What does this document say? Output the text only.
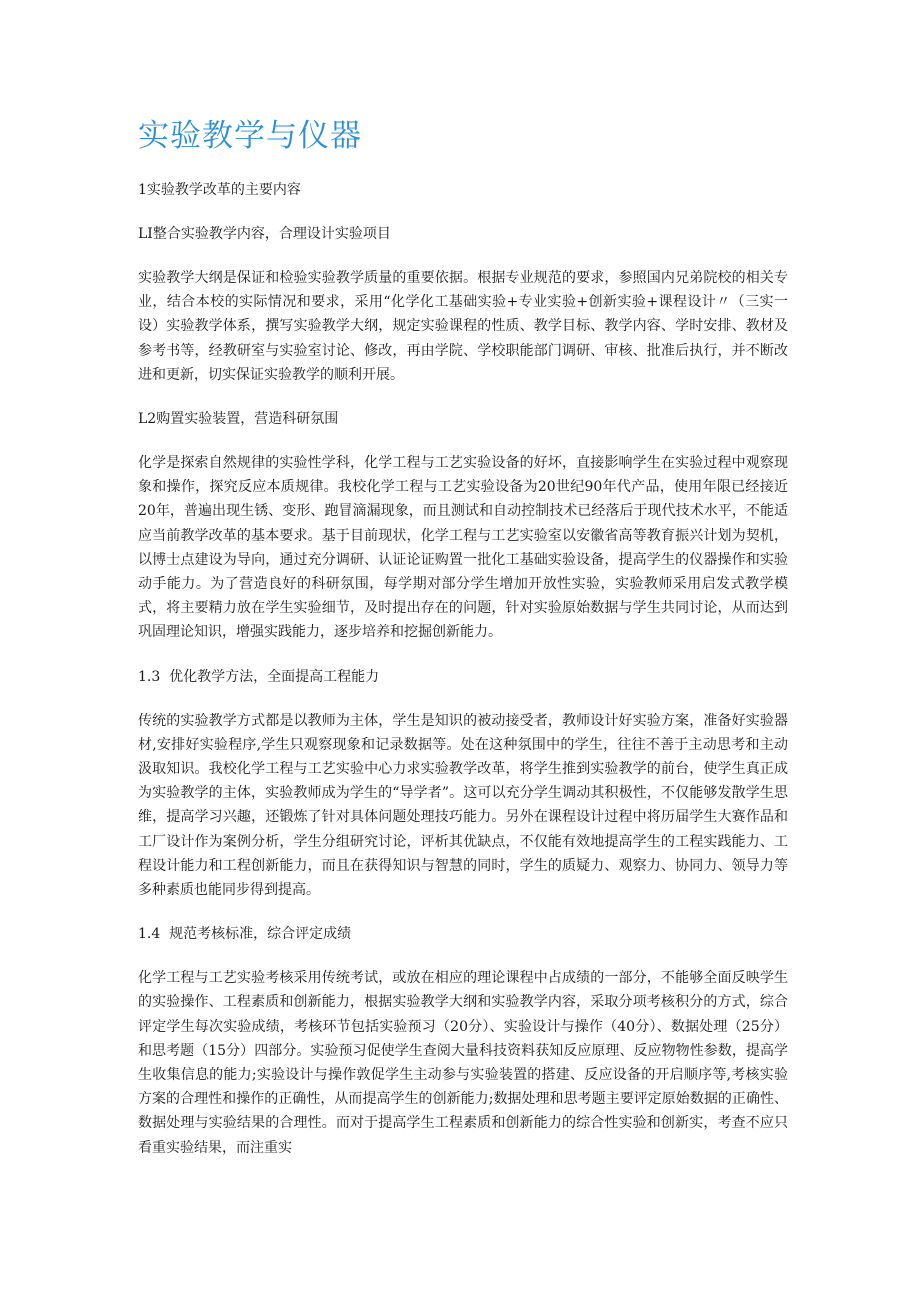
实验教学与仪器

1实验教学改革的主要内容

LI整合实验教学内容，合理设计实验项目

实验教学大纲是保证和检验实验教学质量的重要依据。根据专业规范的要求，参照国内兄弟院校的相关专业，结合本校的实际情况和要求，采用“化学化工基础实验+专业实验+创新实验+课程设计〃（三实一设）实验教学体系，撰写实验教学大纲，规定实验课程的性质、教学目标、教学内容、学时安排、教材及参考书等，经教研室与实验室讨论、修改，再由学院、学校职能部门调研、审核、批准后执行，并不断改进和更新，切实保证实验教学的顺利开展。

L2购置实验装置，营造科研氛围

化学是探索自然规律的实验性学科，化学工程与工艺实验设备的好坏，直接影响学生在实验过程中观察现象和操作，探究反应本质规律。我校化学工程与工艺实验设备为20世纪90年代产品，使用年限已经接近20年，普遍出现生锈、变形、跑冒滴漏现象，而且测试和自动控制技术已经落后于现代技术水平，不能适应当前教学改革的基本要求。基于目前现状，化学工程与工艺实验室以安徽省高等教育振兴计划为契机，以博士点建设为导向，通过充分调研、认证论证购置一批化工基础实验设备，提高学生的仪器操作和实验动手能力。为了营造良好的科研氛围，每学期对部分学生增加开放性实验，实验教师采用启发式教学模式，将主要精力放在学生实验细节，及时提出存在的问题，针对实验原始数据与学生共同讨论，从而达到巩固理论知识，增强实践能力，逐步培养和挖掘创新能力。

1.3  优化教学方法，全面提高工程能力

传统的实验教学方式都是以教师为主体，学生是知识的被动接受者，教师设计好实验方案，准备好实验器材,安排好实验程序,学生只观察现象和记录数据等。处在这种氛围中的学生，往往不善于主动思考和主动汲取知识。我校化学工程与工艺实验中心力求实验教学改革，将学生推到实验教学的前台，使学生真正成为实验教学的主体，实验教师成为学生的“导学者”。这可以充分学生调动其积极性，不仅能够发散学生思维，提高学习兴趣，还锻炼了针对具体问题处理技巧能力。另外在课程设计过程中将历届学生大赛作品和工厂设计作为案例分析，学生分组研究讨论，评析其优缺点，不仅能有效地提高学生的工程实践能力、工程设计能力和工程创新能力，而且在获得知识与智慧的同时，学生的质疑力、观察力、协同力、领导力等多种素质也能同步得到提高。

1.4  规范考核标准，综合评定成绩

化学工程与工艺实验考核采用传统考试，或放在相应的理论课程中占成绩的一部分，不能够全面反映学生的实验操作、工程素质和创新能力，根据实验教学大纲和实验教学内容，采取分项考核积分的方式，综合评定学生每次实验成绩，考核环节包括实验预习（20分）、实验设计与操作（40分）、数据处理（25分）和思考题（15分）四部分。实验预习促使学生查阅大量科技资料获知反应原理、反应物物性参数，提高学生收集信息的能力;实验设计与操作敦促学生主动参与实验装置的搭建、反应设备的开启顺序等,考核实验方案的合理性和操作的正确性，从而提高学生的创新能力;数据处理和思考题主要评定原始数据的正确性、数据处理与实验结果的合理性。而对于提高学生工程素质和创新能力的综合性实验和创新实，考查不应只看重实验结果，而注重实
